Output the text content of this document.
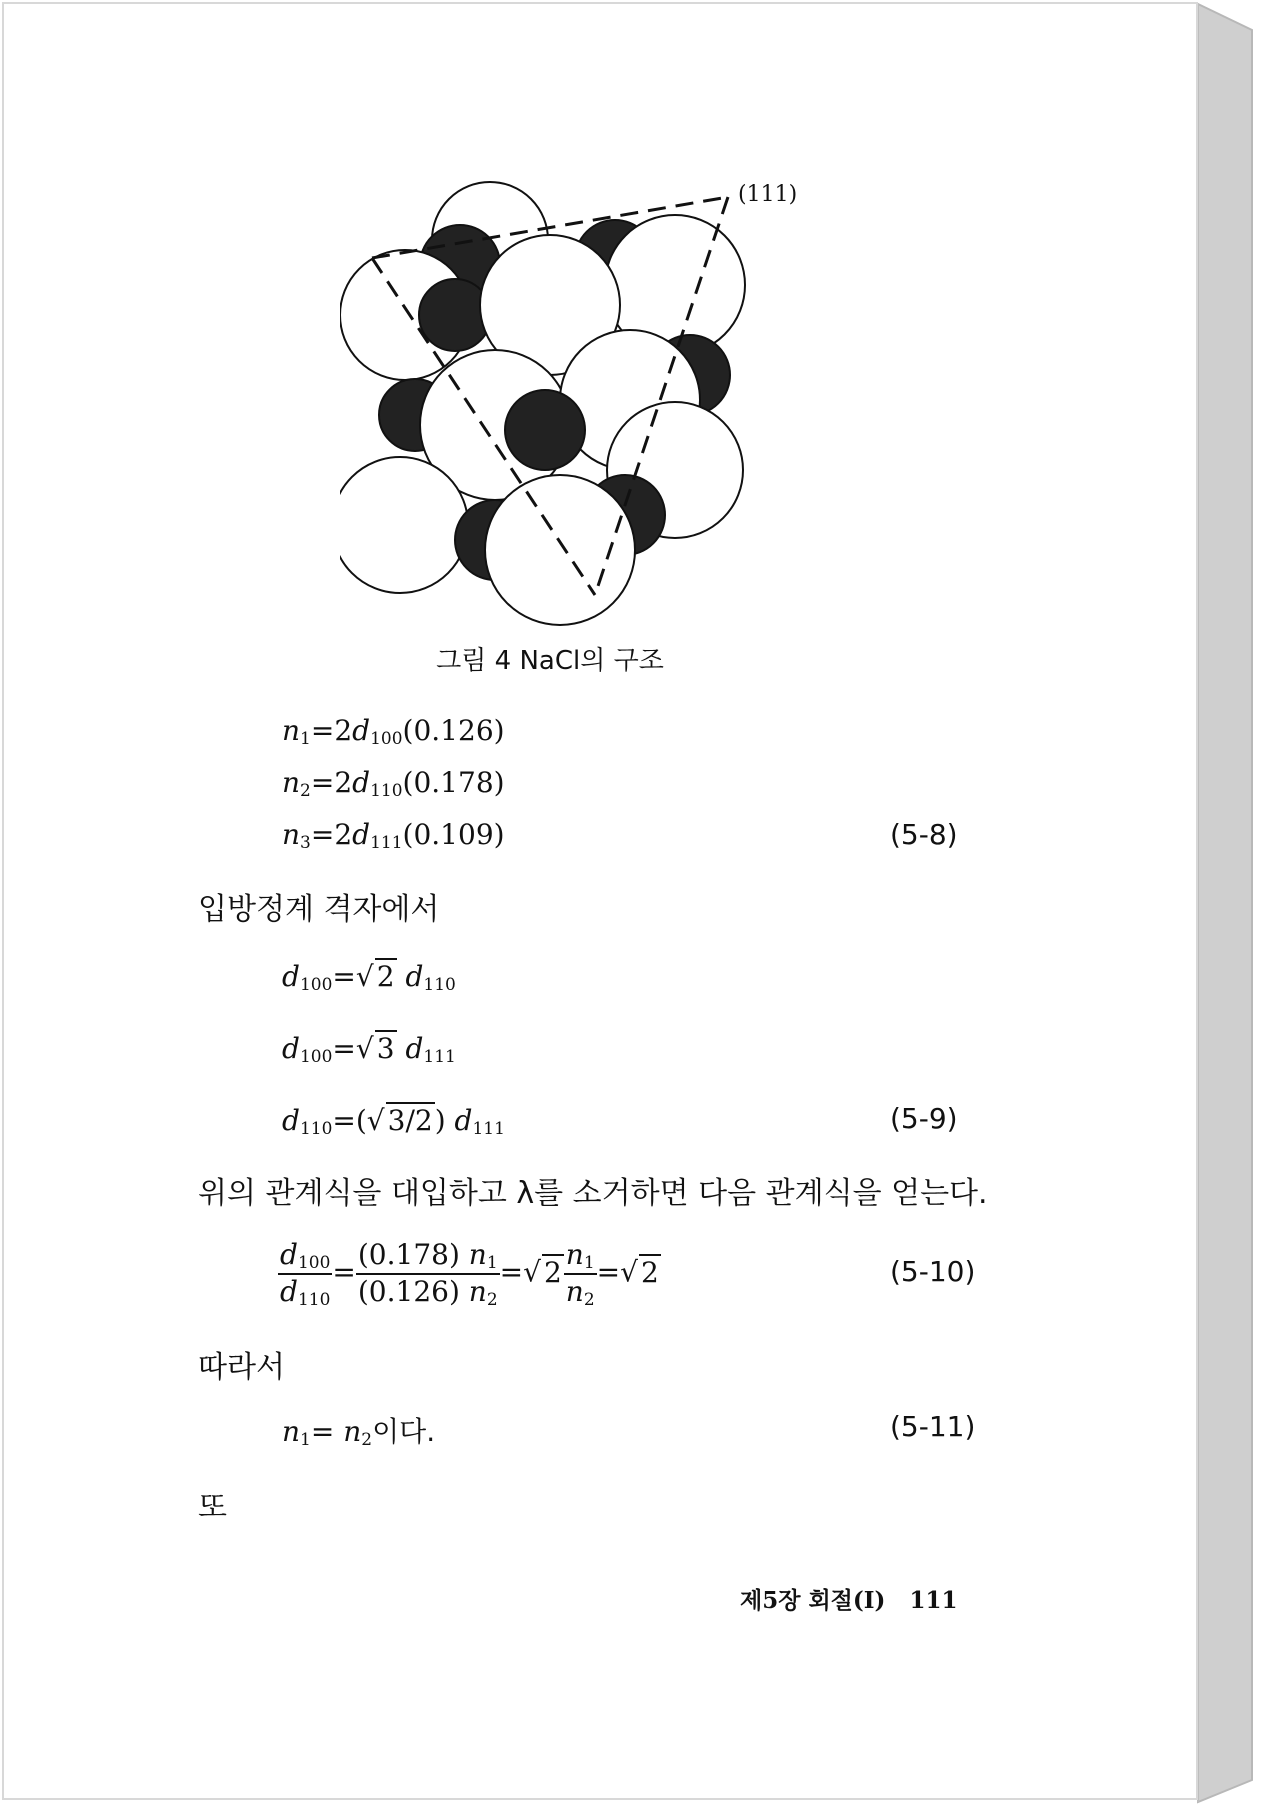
(111)
그림 4 NaCl의 구조
$n_1=2d_{100}(0.126)$
$n_2=2d_{110}(0.178)$
$n_3=2d_{111}(0.109)$	(5-8)
입방정계 격자에서
$d_{100}=√$ 2 $d_{110}$
$d_{100}=√$ 3 $d_{111}$
$d_{110}=(√$ 3/2) $d_{111}$	(5-9)
위의 관계식을 대입하고 λ를 소거하면 다음 관계식을 얻는다.
$\frac{d_{100}}{d_{110}} = \frac{(0.178) n_1}{(0.126) n_2}$ =√ $2 \frac{n_1}{n_2}$ =√ 2	(5-10)
따라서
$n_1= n_2$이다.	(5-11)
또
제5장 회절(Ⅰ) 111
